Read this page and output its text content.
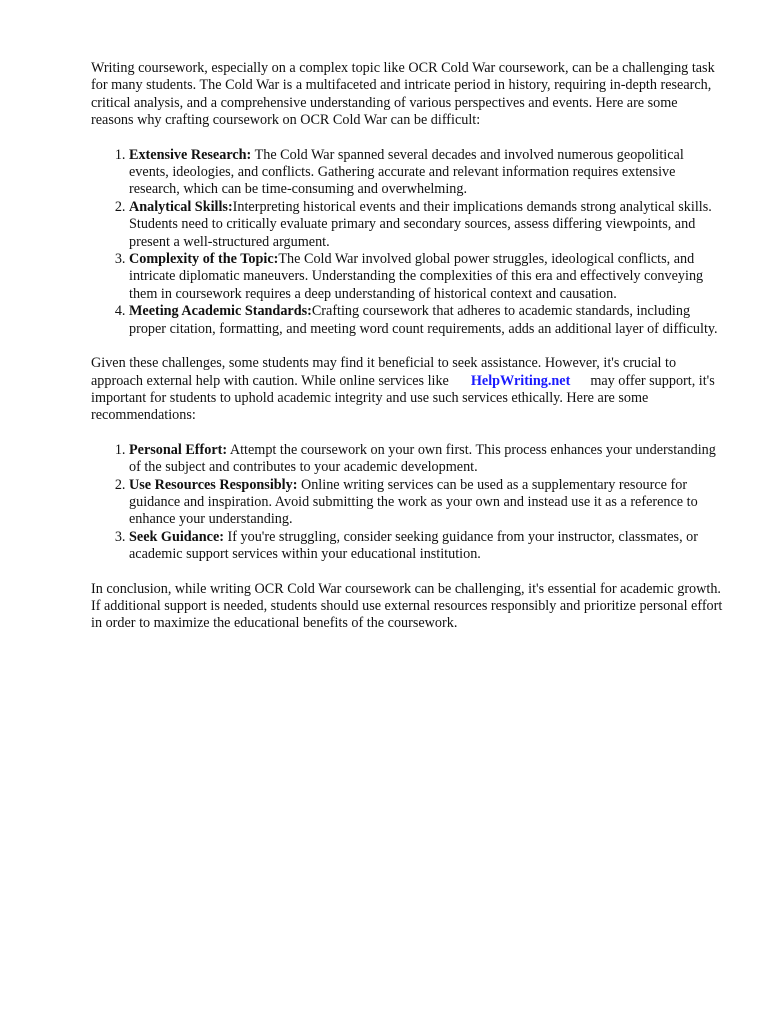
Writing coursework, especially on a complex topic like OCR Cold War coursework, can be a challenging task for many students. The Cold War is a multifaceted and intricate period in history, requiring in-depth research, critical analysis, and a comprehensive understanding of various perspectives and events. Here are some reasons why crafting coursework on OCR Cold War can be difficult:

1. Extensive Research: The Cold War spanned several decades and involved numerous geopolitical events, ideologies, and conflicts. Gathering accurate and relevant information requires extensive research, which can be time-consuming and overwhelming.
2. Analytical Skills:Interpreting historical events and their implications demands strong analytical skills. Students need to critically evaluate primary and secondary sources, assess differing viewpoints, and present a well-structured argument.
3. Complexity of the Topic:The Cold War involved global power struggles, ideological conflicts, and intricate diplomatic maneuvers. Understanding the complexities of this era and effectively conveying them in coursework requires a deep understanding of historical context and causation.
4. Meeting Academic Standards:Crafting coursework that adheres to academic standards, including proper citation, formatting, and meeting word count requirements, adds an additional layer of difficulty.

Given these challenges, some students may find it beneficial to seek assistance. However, it's crucial to approach external help with caution. While online services like HelpWriting.net may offer support, it's important for students to uphold academic integrity and use such services ethically. Here are some recommendations:

1. Personal Effort: Attempt the coursework on your own first. This process enhances your understanding of the subject and contributes to your academic development.
2. Use Resources Responsibly: Online writing services can be used as a supplementary resource for guidance and inspiration. Avoid submitting the work as your own and instead use it as a reference to enhance your understanding.
3. Seek Guidance: If you're struggling, consider seeking guidance from your instructor, classmates, or academic support services within your educational institution.

In conclusion, while writing OCR Cold War coursework can be challenging, it's essential for academic growth. If additional support is needed, students should use external resources responsibly and prioritize personal effort in order to maximize the educational benefits of the coursework.
